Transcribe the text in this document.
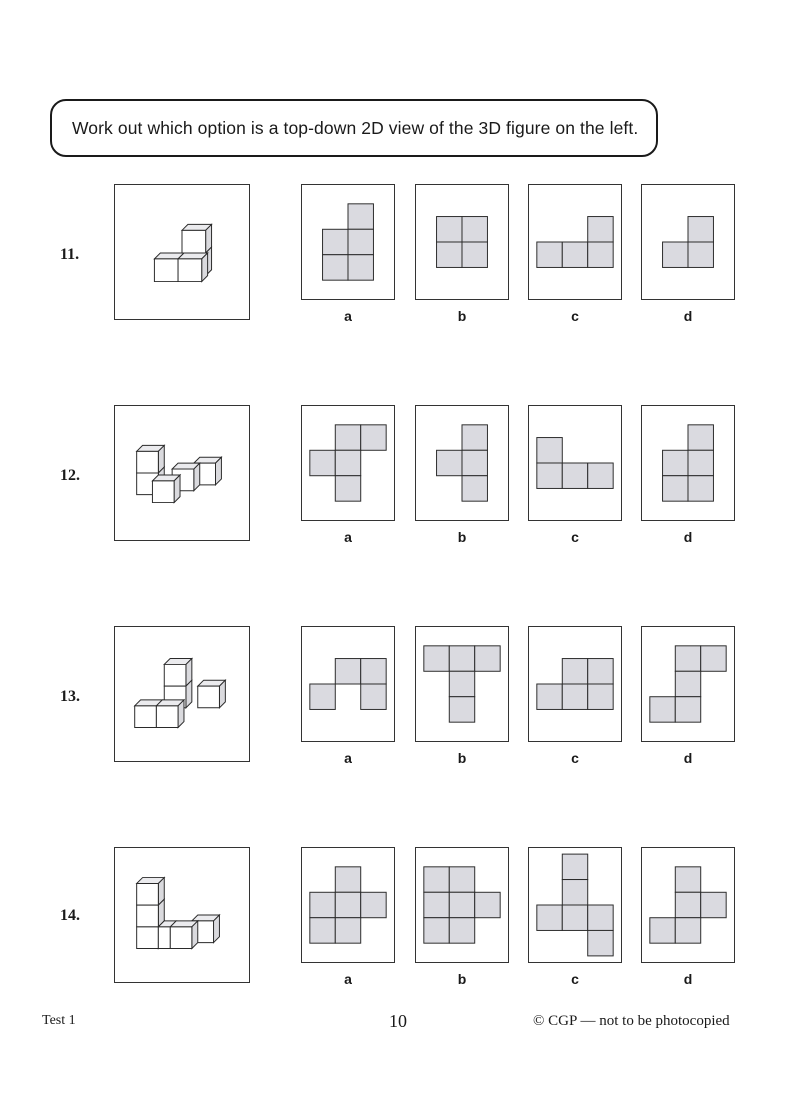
Work out which option is a top-down 2D view of the 3D figure on the left.
11.
a	b	c	d
12.
a	b	c	d
13.
a	b	c	d
14.
a	b	c	d
Test 1	10	© CGP — not to be photocopied
